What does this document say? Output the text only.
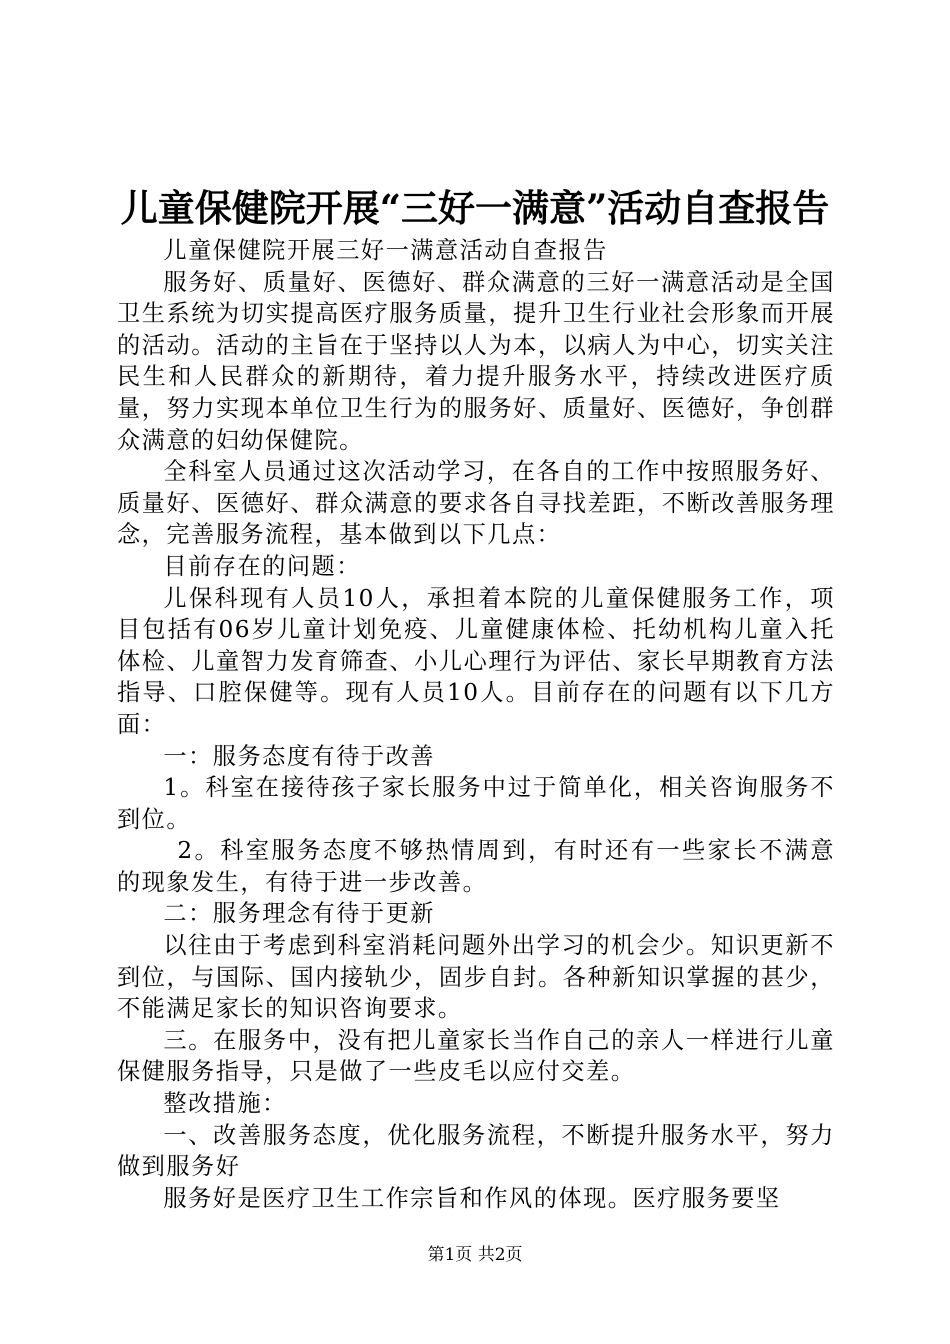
儿童保健院开展“三好一满意”活动自查报告

儿童保健院开展三好一满意活动自查报告

服务好、质量好、医德好、群众满意的三好一满意活动是全国卫生系统为切实提高医疗服务质量，提升卫生行业社会形象而开展的活动。活动的主旨在于坚持以人为本，以病人为中心，切实关注民生和人民群众的新期待，着力提升服务水平，持续改进医疗质量，努力实现本单位卫生行为的服务好、质量好、医德好，争创群众满意的妇幼保健院。

全科室人员通过这次活动学习，在各自的工作中按照服务好、质量好、医德好、群众满意的要求各自寻找差距，不断改善服务理念，完善服务流程，基本做到以下几点：

目前存在的问题：

儿保科现有人员10人，承担着本院的儿童保健服务工作，项目包括有06岁儿童计划免疫、儿童健康体检、托幼机构儿童入托体检、儿童智力发育筛查、小儿心理行为评估、家长早期教育方法指导、口腔保健等。现有人员10人。目前存在的问题有以下几方面：

一：服务态度有待于改善

1。科室在接待孩子家长服务中过于简单化，相关咨询服务不到位。

2。科室服务态度不够热情周到，有时还有一些家长不满意的现象发生，有待于进一步改善。

二：服务理念有待于更新

以往由于考虑到科室消耗问题外出学习的机会少。知识更新不到位，与国际、国内接轨少，固步自封。各种新知识掌握的甚少，不能满足家长的知识咨询要求。

三。在服务中，没有把儿童家长当作自己的亲人一样进行儿童保健服务指导，只是做了一些皮毛以应付交差。

整改措施：

一、改善服务态度，优化服务流程，不断提升服务水平，努力做到服务好

服务好是医疗卫生工作宗旨和作风的体现。医疗服务要坚

第1页 共2页
